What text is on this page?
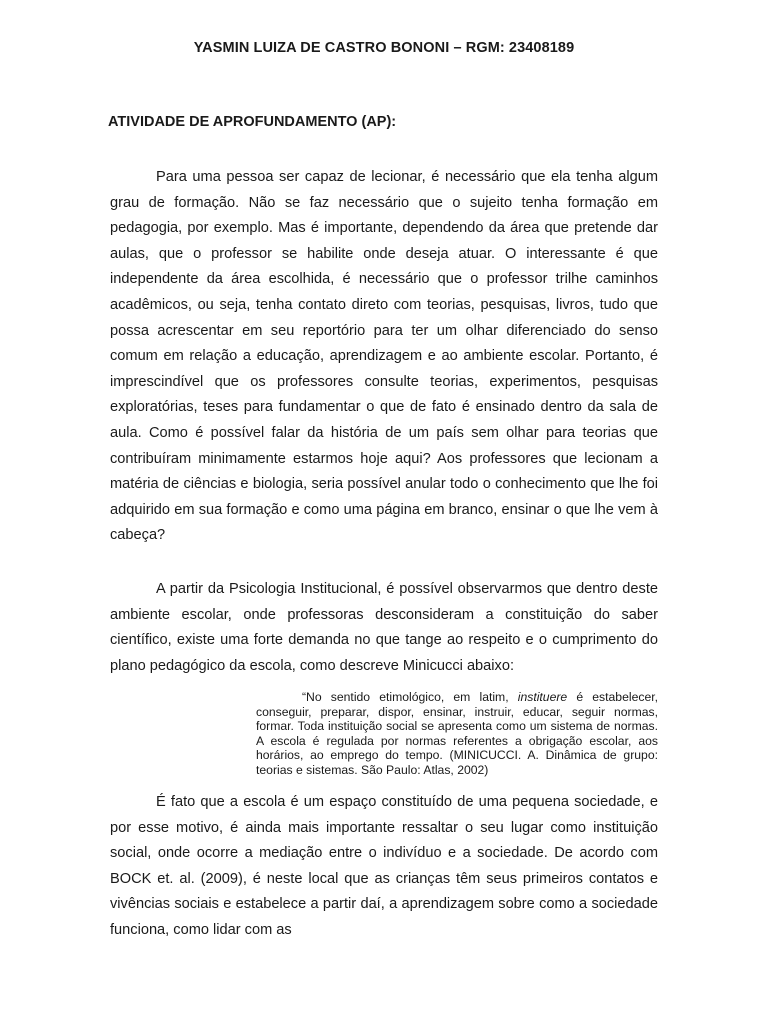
YASMIN LUIZA DE CASTRO BONONI – RGM: 23408189
ATIVIDADE DE APROFUNDAMENTO (AP):

Para uma pessoa ser capaz de lecionar, é necessário que ela tenha algum grau de formação. Não se faz necessário que o sujeito tenha formação em pedagogia, por exemplo. Mas é importante, dependendo da área que pretende dar aulas, que o professor se habilite onde deseja atuar. O interessante é que independente da área escolhida, é necessário que o professor trilhe caminhos acadêmicos, ou seja, tenha contato direto com teorias, pesquisas, livros, tudo que possa acrescentar em seu reportório para ter um olhar diferenciado do senso comum em relação a educação, aprendizagem e ao ambiente escolar. Portanto, é imprescindível que os professores consulte teorias, experimentos, pesquisas exploratórias, teses para fundamentar o que de fato é ensinado dentro da sala de aula. Como é possível falar da história de um país sem olhar para teorias que contribuíram minimamente estarmos hoje aqui? Aos professores que lecionam a matéria de ciências e biologia, seria possível anular todo o conhecimento que lhe foi adquirido em sua formação e como uma página em branco, ensinar o que lhe vem à cabeça?

A partir da Psicologia Institucional, é possível observarmos que dentro deste ambiente escolar, onde professoras desconsideram a constituição do saber científico, existe uma forte demanda no que tange ao respeito e o cumprimento do plano pedagógico da escola, como descreve Minicucci abaixo:

“No sentido etimológico, em latim, instituere é estabelecer, conseguir, preparar, dispor, ensinar, instruir, educar, seguir normas, formar. Toda instituição social se apresenta como um sistema de normas. A escola é regulada por normas referentes a obrigação escolar, aos horários, ao emprego do tempo. (MINICUCCI. A. Dinâmica de grupo: teorias e sistemas. São Paulo: Atlas, 2002)

É fato que a escola é um espaço constituído de uma pequena sociedade, e por esse motivo, é ainda mais importante ressaltar o seu lugar como instituição social, onde ocorre a mediação entre o indivíduo e a sociedade. De acordo com BOCK et. al. (2009), é neste local que as crianças têm seus primeiros contatos e vivências sociais e estabelece a partir daí, a aprendizagem sobre como a sociedade funciona, como lidar com as
